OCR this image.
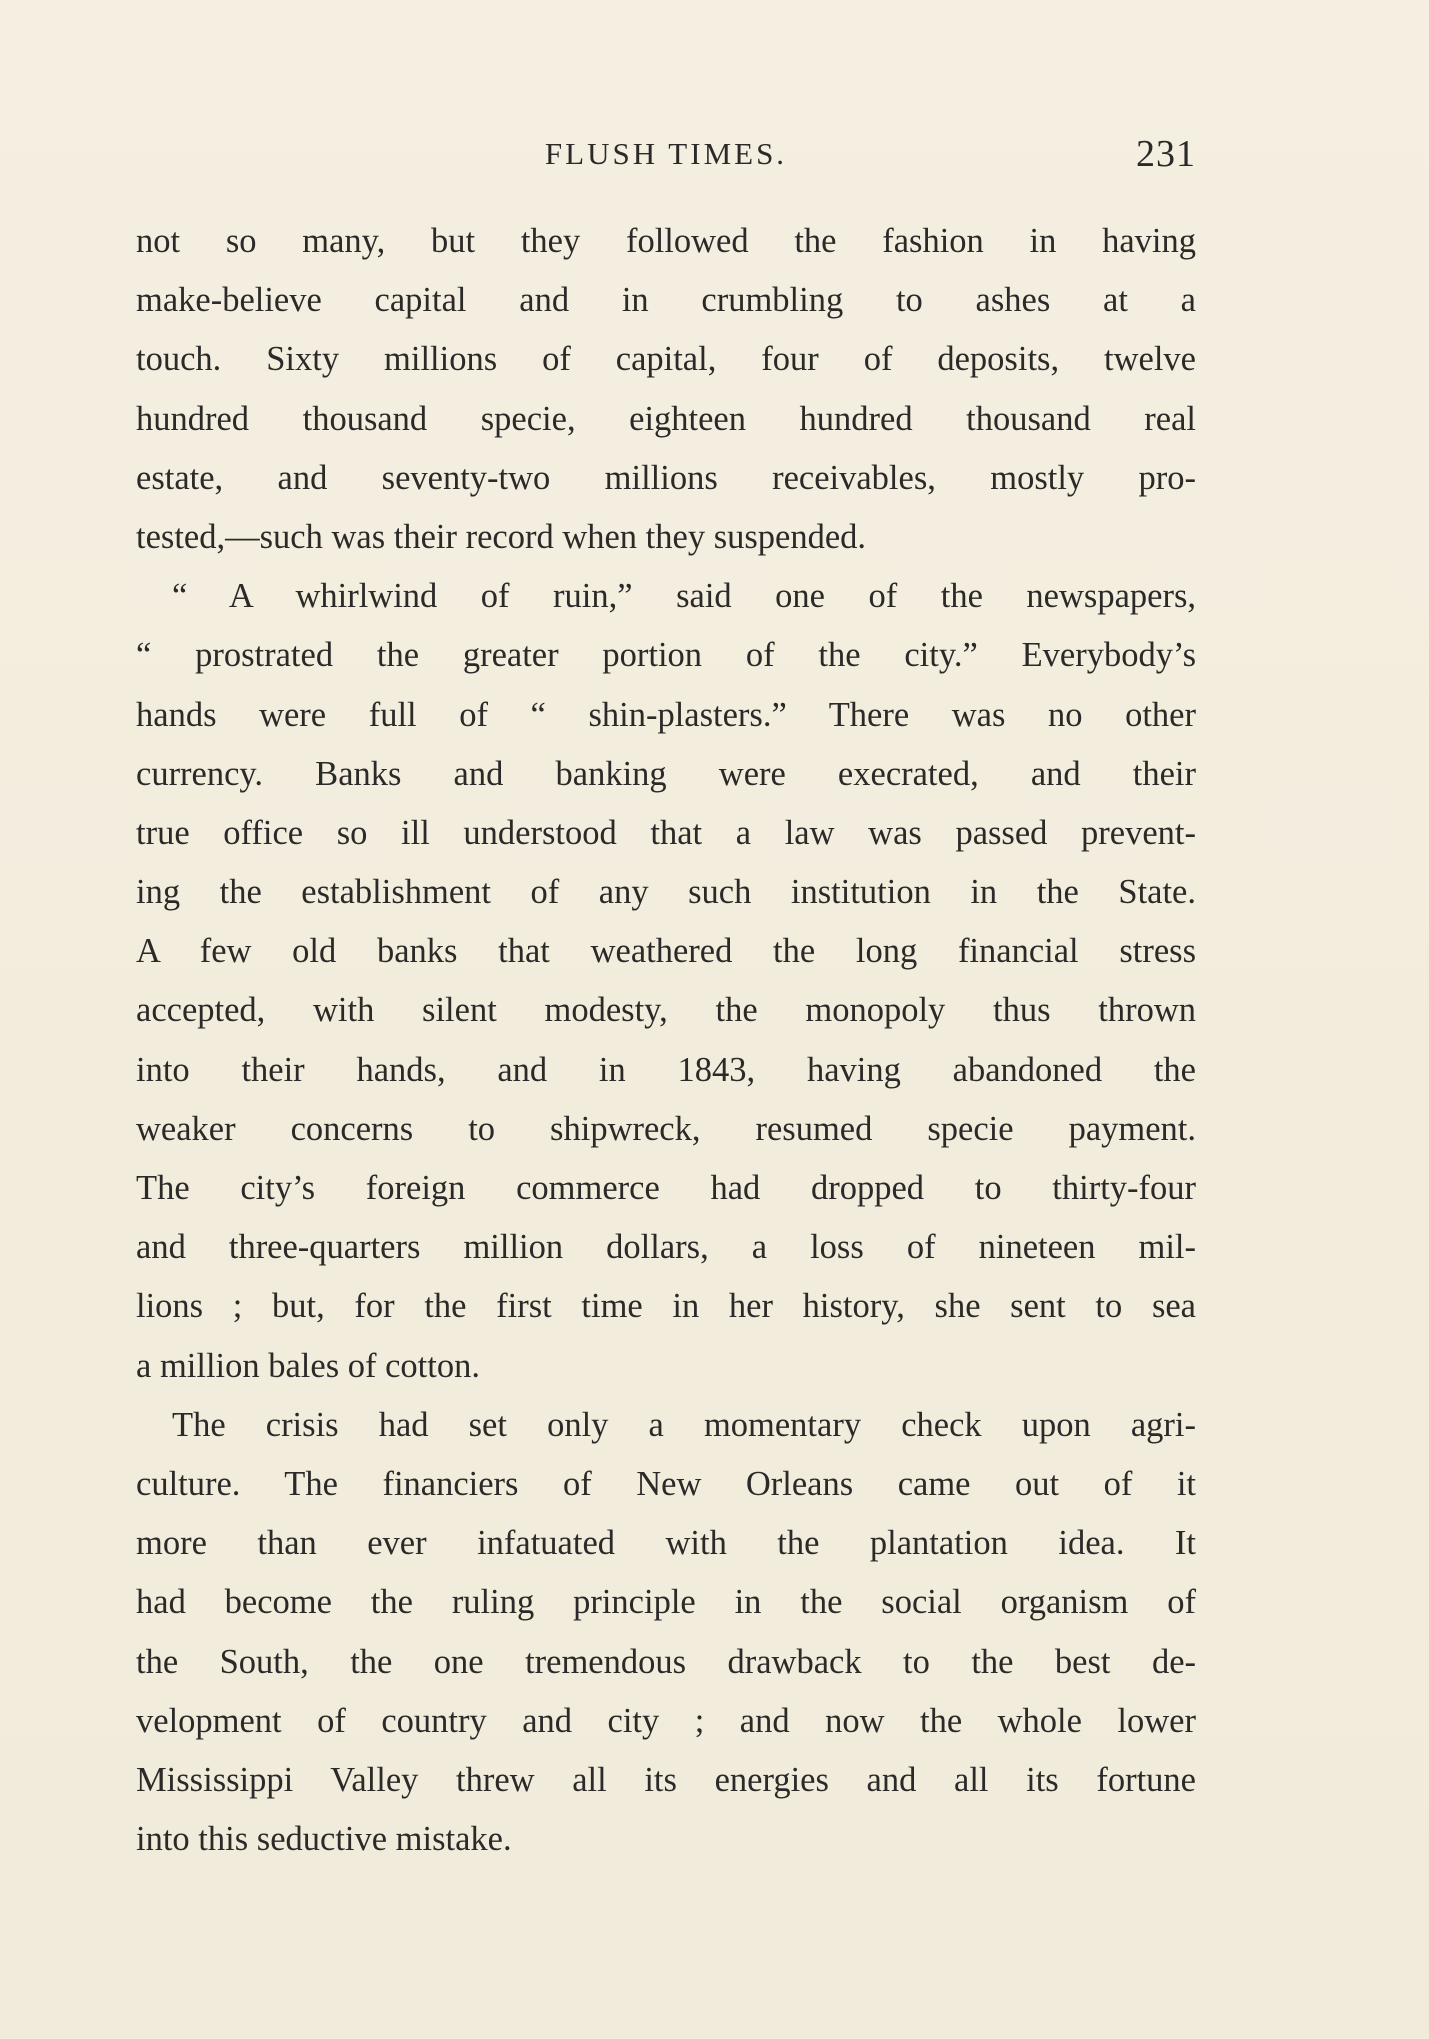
FLUSH TIMES.	231
not so many, but they followed the fashion in having
make-believe capital and in crumbling to ashes at a
touch. Sixty millions of capital, four of deposits, twelve
hundred thousand specie, eighteen hundred thousand real
estate, and seventy-two millions receivables, mostly pro-
tested,—such was their record when they suspended.
“ A whirlwind of ruin,” said one of the newspapers,
“ prostrated the greater portion of the city.” Everybody’s
hands were full of “ shin-plasters.” There was no other
currency. Banks and banking were execrated, and their
true office so ill understood that a law was passed prevent-
ing the establishment of any such institution in the State.
A few old banks that weathered the long financial stress
accepted, with silent modesty, the monopoly thus thrown
into their hands, and in 1843, having abandoned the
weaker concerns to shipwreck, resumed specie payment.
The city’s foreign commerce had dropped to thirty-four
and three-quarters million dollars, a loss of nineteen mil-
lions ; but, for the first time in her history, she sent to sea
a million bales of cotton.
The crisis had set only a momentary check upon agri-
culture. The financiers of New Orleans came out of it
more than ever infatuated with the plantation idea. It
had become the ruling principle in the social organism of
the South, the one tremendous drawback to the best de-
velopment of country and city ; and now the whole lower
Mississippi Valley threw all its energies and all its fortune
into this seductive mistake.
